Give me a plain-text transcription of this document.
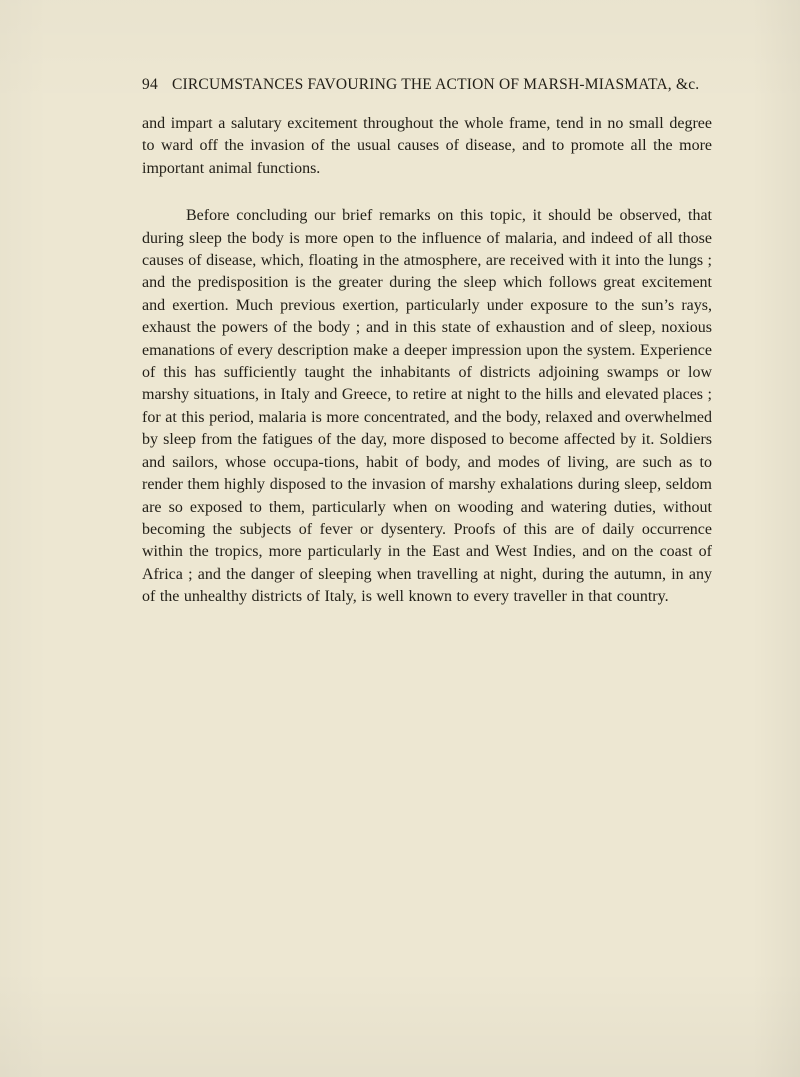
94 CIRCUMSTANCES FAVOURING THE ACTION OF MARSH-MIASMATA, &c.

and impart a salutary excitement throughout the whole frame, tend in no small degree to ward off the invasion of the usual causes of disease, and to promote all the more important animal functions.

Before concluding our brief remarks on this topic, it should be observed, that during sleep the body is more open to the influence of malaria, and indeed of all those causes of disease, which, floating in the atmosphere, are received with it into the lungs ; and the predisposition is the greater during the sleep which follows great excitement and exertion. Much previous exertion, particularly under exposure to the sun’s rays, exhaust the powers of the body ; and in this state of exhaustion and of sleep, noxious emanations of every description make a deeper impression upon the system. Experience of this has sufficiently taught the inhabitants of districts adjoining swamps or low marshy situations, in Italy and Greece, to retire at night to the hills and elevated places ; for at this period, malaria is more concentrated, and the body, relaxed and overwhelmed by sleep from the fatigues of the day, more disposed to become affected by it. Soldiers and sailors, whose occupa-tions, habit of body, and modes of living, are such as to render them highly disposed to the invasion of marshy exhalations during sleep, seldom are so exposed to them, particularly when on wooding and watering duties, without becoming the subjects of fever or dysentery. Proofs of this are of daily occurrence within the tropics, more particularly in the East and West Indies, and on the coast of Africa ; and the danger of sleeping when travelling at night, during the autumn, in any of the unhealthy districts of Italy, is well known to every traveller in that country.
